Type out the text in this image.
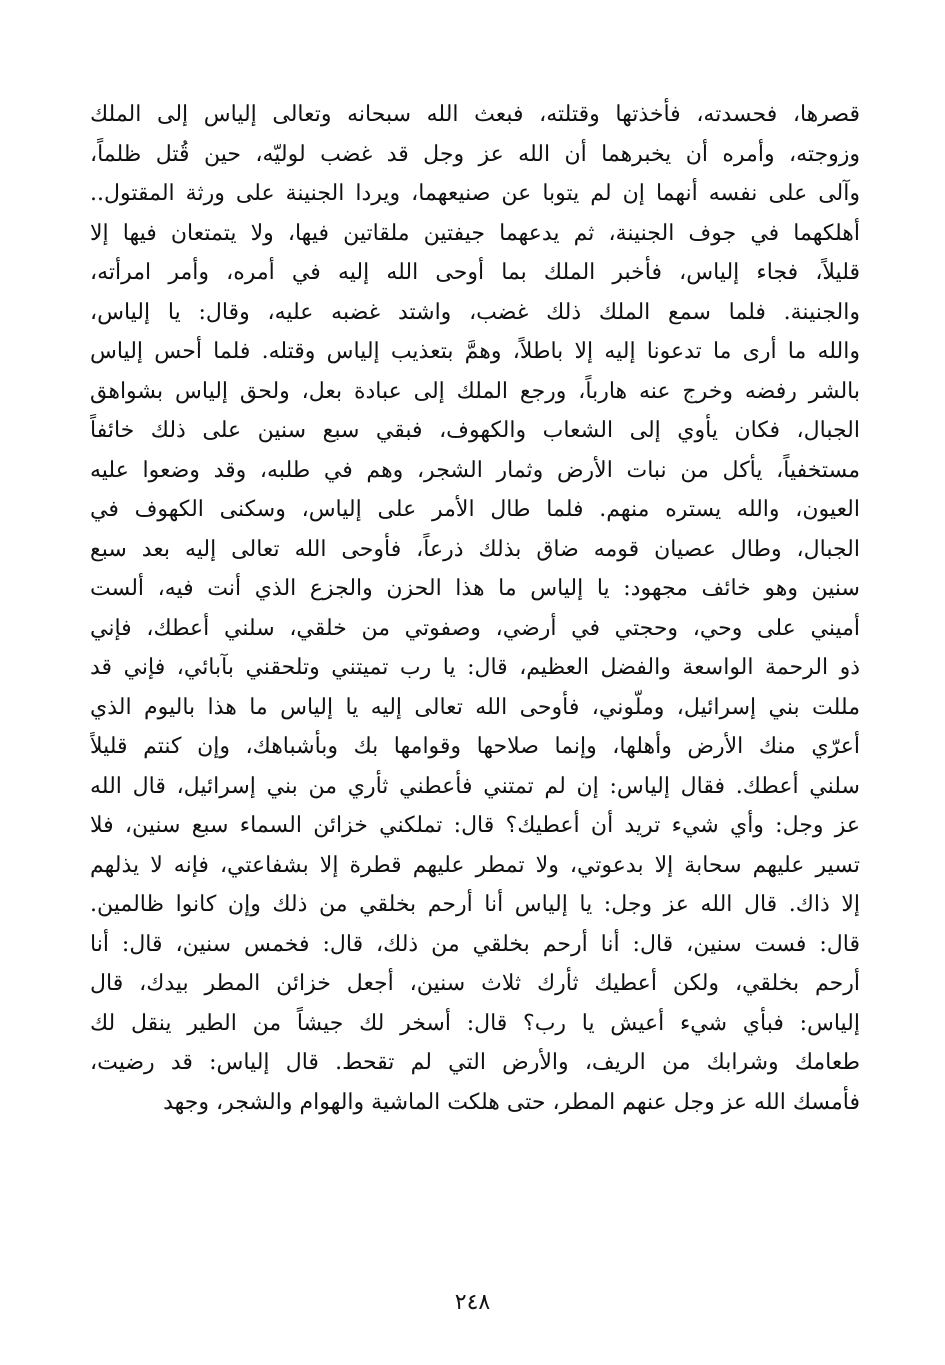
قصرها، فحسدته، فأخذتها وقتلته، فبعث الله سبحانه وتعالى إلياس إلى الملك
وزوجته، وأمره أن يخبرهما أن الله عز وجل قد غضب لوليّه، حين قُتل ظلماً،
وآلى على نفسه أنهما إن لم يتوبا عن صنيعهما، ويردا الجنينة على ورثة المقتول..
أهلكهما في جوف الجنينة، ثم يدعهما جيفتين ملقاتين فيها، ولا يتمتعان فيها إلا
قليلاً، فجاء إلياس، فأخبر الملك بما أوحى الله إليه في أمره، وأمر امرأته،
والجنينة. فلما سمع الملك ذلك غضب، واشتد غضبه عليه، وقال: يا إلياس،
والله ما أرى ما تدعونا إليه إلا باطلاً، وهمَّ بتعذيب إلياس وقتله. فلما أحس إلياس
بالشر رفضه وخرج عنه هارباً، ورجع الملك إلى عبادة بعل، ولحق إلياس بشواهق
الجبال، فكان يأوي إلى الشعاب والكهوف، فبقي سبع سنين على ذلك خائفاً
مستخفياً، يأكل من نبات الأرض وثمار الشجر، وهم في طلبه، وقد وضعوا عليه
العيون، والله يستره منهم. فلما طال الأمر على إلياس، وسكنى الكهوف في
الجبال، وطال عصيان قومه ضاق بذلك ذرعاً، فأوحى الله تعالى إليه بعد سبع
سنين وهو خائف مجهود: يا إلياس ما هذا الحزن والجزع الذي أنت فيه، ألست
أميني على وحي، وحجتي في أرضي، وصفوتي من خلقي، سلني أعطك، فإني
ذو الرحمة الواسعة والفضل العظيم، قال: يا رب تميتني وتلحقني بآبائي، فإني قد
مللت بني إسرائيل، وملّوني، فأوحى الله تعالى إليه يا إلياس ما هذا باليوم الذي
أعرّي منك الأرض وأهلها، وإنما صلاحها وقوامها بك وبأشباهك، وإن كنتم قليلاً
سلني أعطك. فقال إلياس: إن لم تمتني فأعطني ثأري من بني إسرائيل، قال الله
عز وجل: وأي شيء تريد أن أعطيك؟ قال: تملكني خزائن السماء سبع سنين، فلا
تسير عليهم سحابة إلا بدعوتي، ولا تمطر عليهم قطرة إلا بشفاعتي، فإنه لا يذلهم
إلا ذاك. قال الله عز وجل: يا إلياس أنا أرحم بخلقي من ذلك وإن كانوا ظالمين.
قال: فست سنين، قال: أنا أرحم بخلقي من ذلك، قال: فخمس سنين، قال: أنا
أرحم بخلقي، ولكن أعطيك ثأرك ثلاث سنين، أجعل خزائن المطر بيدك، قال
إلياس: فبأي شيء أعيش يا رب؟ قال: أسخر لك جيشاً من الطير ينقل لك
طعامك وشرابك من الريف، والأرض التي لم تقحط. قال إلياس: قد رضيت،
فأمسك الله عز وجل عنهم المطر، حتى هلكت الماشية والهوام والشجر، وجهد
٢٤٨
